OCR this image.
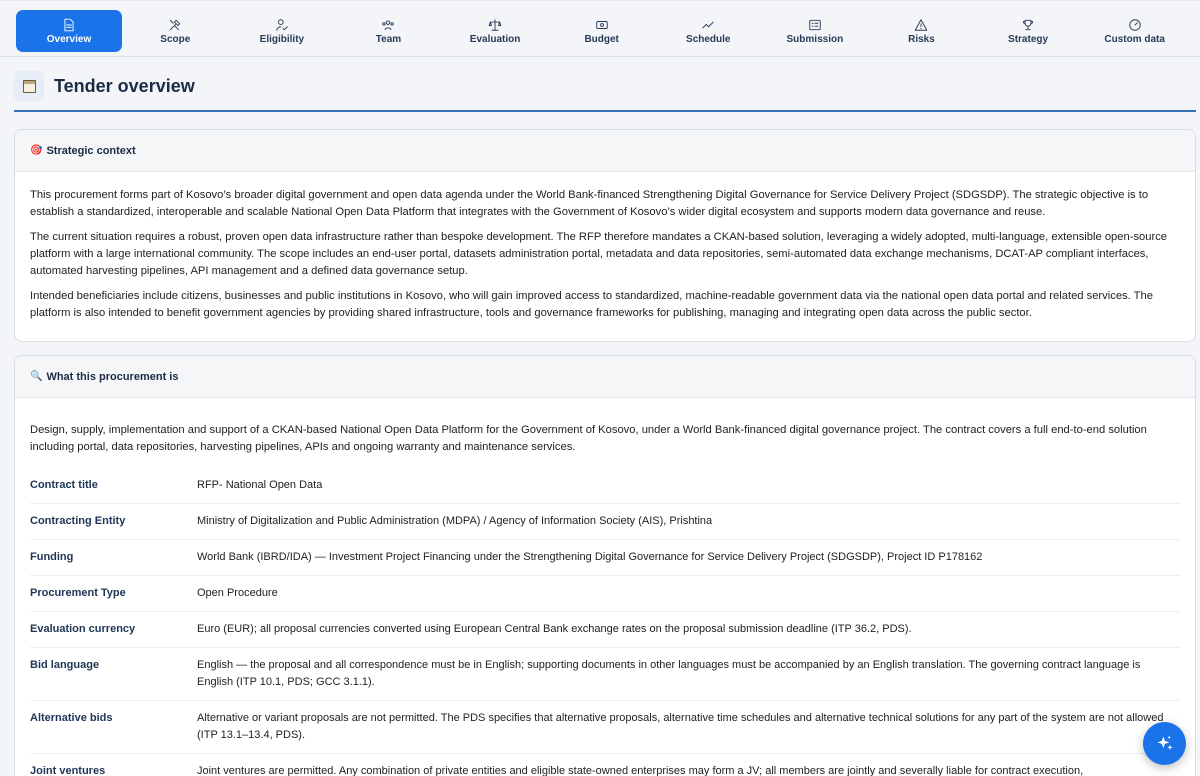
Overview	Scope	Eligibility	Team	Evaluation	Budget	Schedule	Submission	Risks	Strategy	Custom data
Tender overview
🎯 Strategic context

This procurement forms part of Kosovo’s broader digital government and open data agenda under the World Bank-financed Strengthening Digital Governance for Service Delivery Project (SDGSDP). The strategic objective is to establish a standardized, interoperable and scalable National Open Data Platform that integrates with the Government of Kosovo’s wider digital ecosystem and supports modern data governance and reuse.

The current situation requires a robust, proven open data infrastructure rather than bespoke development. The RFP therefore mandates a CKAN-based solution, leveraging a widely adopted, multi-language, extensible open-source platform with a large international community. The scope includes an end-user portal, datasets administration portal, metadata and data repositories, semi-automated data exchange mechanisms, DCAT-AP compliant interfaces, automated harvesting pipelines, API management and a defined data governance setup.

Intended beneficiaries include citizens, businesses and public institutions in Kosovo, who will gain improved access to standardized, machine-readable government data via the national open data portal and related services. The platform is also intended to benefit government agencies by providing shared infrastructure, tools and governance frameworks for publishing, managing and integrating open data across the public sector.

🔍 What this procurement is

Design, supply, implementation and support of a CKAN-based National Open Data Platform for the Government of Kosovo, under a World Bank-financed digital governance project. The contract covers a full end-to-end solution including portal, data repositories, harvesting pipelines, APIs and ongoing warranty and maintenance services.

Contract title	RFP- National Open Data
Contracting Entity	Ministry of Digitalization and Public Administration (MDPA) / Agency of Information Society (AIS), Prishtina
Funding	World Bank (IBRD/IDA) — Investment Project Financing under the Strengthening Digital Governance for Service Delivery Project (SDGSDP), Project ID P178162
Procurement Type	Open Procedure
Evaluation currency	Euro (EUR); all proposal currencies converted using European Central Bank exchange rates on the proposal submission deadline (ITP 36.2, PDS).
Bid language	English — the proposal and all correspondence must be in English; supporting documents in other languages must be accompanied by an English translation. The governing contract language is English (ITP 10.1, PDS; GCC 3.1.1).
Alternative bids	Alternative or variant proposals are not permitted. The PDS specifies that alternative proposals, alternative time schedules and alternative technical solutions for any part of the system are not allowed (ITP 13.1–13.4, PDS).
Joint ventures	Joint ventures are permitted. Any combination of private entities and eligible state-owned enterprises may form a JV; all members are jointly and severally liable for contract execution,
